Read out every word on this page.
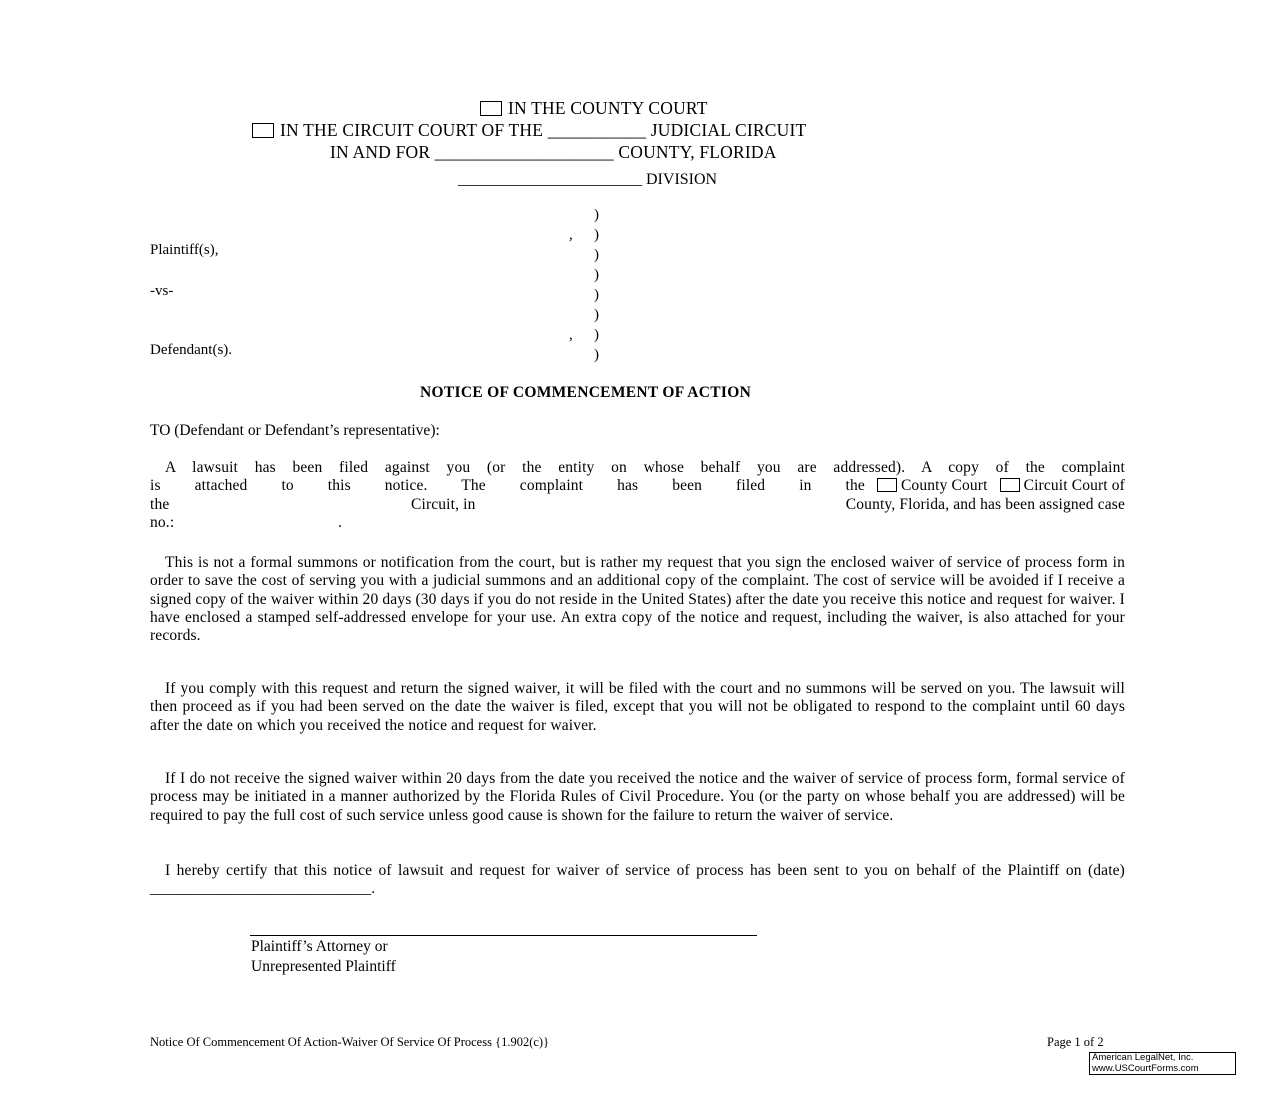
IN THE COUNTY COURT
IN THE CIRCUIT COURT OF THE ___________ JUDICIAL CIRCUIT
IN AND FOR ____________________ COUNTY, FLORIDA
_______________________ DIVISION
)
)
)
)
)
)
)
)
,
,
Plaintiff(s),
-vs-
Defendant(s).
NOTICE OF COMMENCEMENT OF ACTION
TO (Defendant or Defendant’s representative):
A lawsuit has been filed against you (or the entity on whose behalf you are addressed). A copy of the complaint
is attached to this notice. The complaint has been filed in the	County Court	Circuit Court of
the	Circuit, in	County, Florida, and has been assigned case
no.:	.
This is not a formal summons or notification from the court, but is rather my request that you sign the enclosed waiver of service of process form in order to save the cost of serving you with a judicial summons and an additional copy of the complaint. The cost of service will be avoided if I receive a signed copy of the waiver within 20 days (30 days if you do not reside in the United States) after the date you receive this notice and request for waiver. I have enclosed a stamped self-addressed envelope for your use. An extra copy of the notice and request, including the waiver, is also attached for your records.
If you comply with this request and return the signed waiver, it will be filed with the court and no summons will be served on you. The lawsuit will then proceed as if you had been served on the date the waiver is filed, except that you will not be obligated to respond to the complaint until 60 days after the date on which you received the notice and request for waiver.
If I do not receive the signed waiver within 20 days from the date you received the notice and the waiver of service of process form, formal service of process may be initiated in a manner authorized by the Florida Rules of Civil Procedure. You (or the party on whose behalf you are addressed) will be required to pay the full cost of such service unless good cause is shown for the failure to return the waiver of service.
I hereby certify that this notice of lawsuit and request for waiver of service of process has been sent to you on behalf of the Plaintiff on (date) ____________________________.
Plaintiff’s Attorney or
Unrepresented Plaintiff
Notice Of Commencement Of Action-Waiver Of Service Of Process {1.902(c)}	Page 1 of 2
American LegalNet, Inc.
www.USCourtForms.com
